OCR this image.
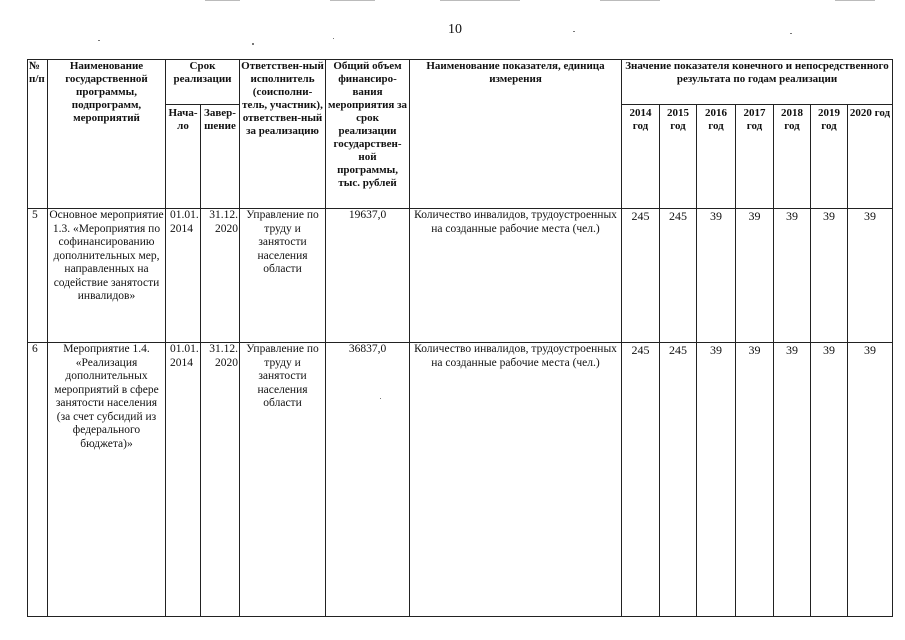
10
№ п/п	Наименование государственной программы, подпрограмм, мероприятий	Срок реализации		Ответствен-ный исполнитель (соисполни-тель, участник), ответствен-ный за реализацию	Общий объем финансиро-вания мероприятия за срок реализации государствен-ной программы, тыс. рублей	Наименование показателя, единица измерения	Значение показателя конечного и непосредственного результата по годам реализации						
		Нача-ло	Завер-шение				2014 год	2015 год	2016 год	2017 год	2018 год	2019 год	2020 год
5	Основное мероприятие 1.3. «Мероприятия по софинансированию дополнительных мер, направленных на содействие занятости инвалидов»	01.01. 2014	31.12. 2020	Управление по труду и занятости населения области	19637,0	Количество инвалидов, трудоустроенных на созданные рабочие места (чел.)	245	245	39	39	39	39	39
6	Мероприятие 1.4. «Реализация дополнительных мероприятий в сфере занятости населения (за счет субсидий из федерального бюджета)»	01.01. 2014	31.12. 2020	Управление по труду и занятости населения области	36837,0	Количество инвалидов, трудоустроенных на созданные рабочие места (чел.)	245	245	39	39	39	39	39
